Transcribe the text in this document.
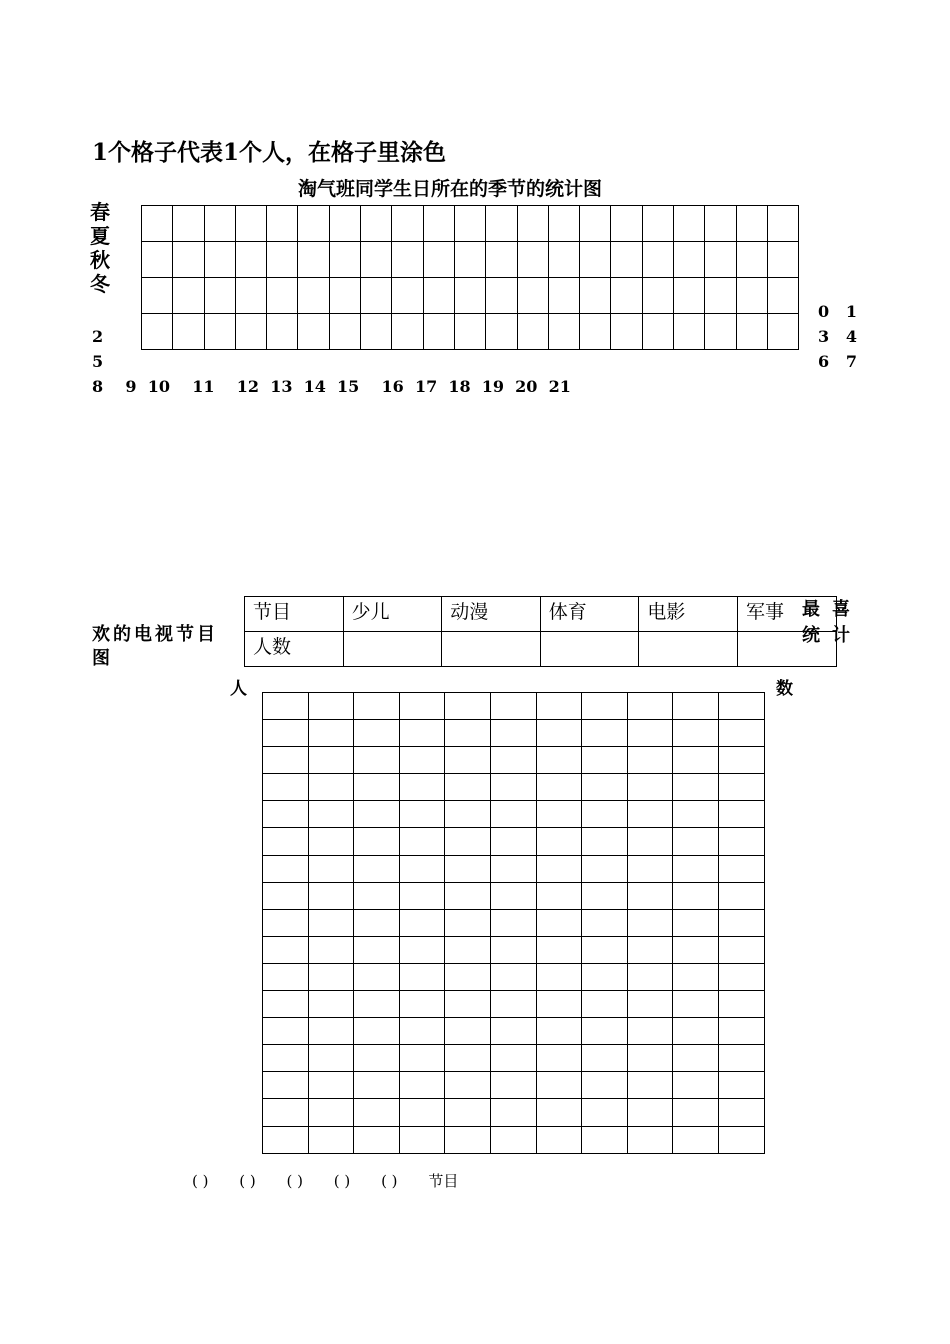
1个格子代表1个人，在格子里涂色
淘气班同学生日所在的季节的统计图
春
夏
秋
冬

0 1
2	3 4
5	6 7
8    9  10    11    12  13  14  15    16  17  18  19  20  21
欢的电视节目图
节目	少儿	动漫	体育	电影	军事
人数					
最 喜
统 计
人	数

( ) ( ) ( ) ( ) ( ) 节目
